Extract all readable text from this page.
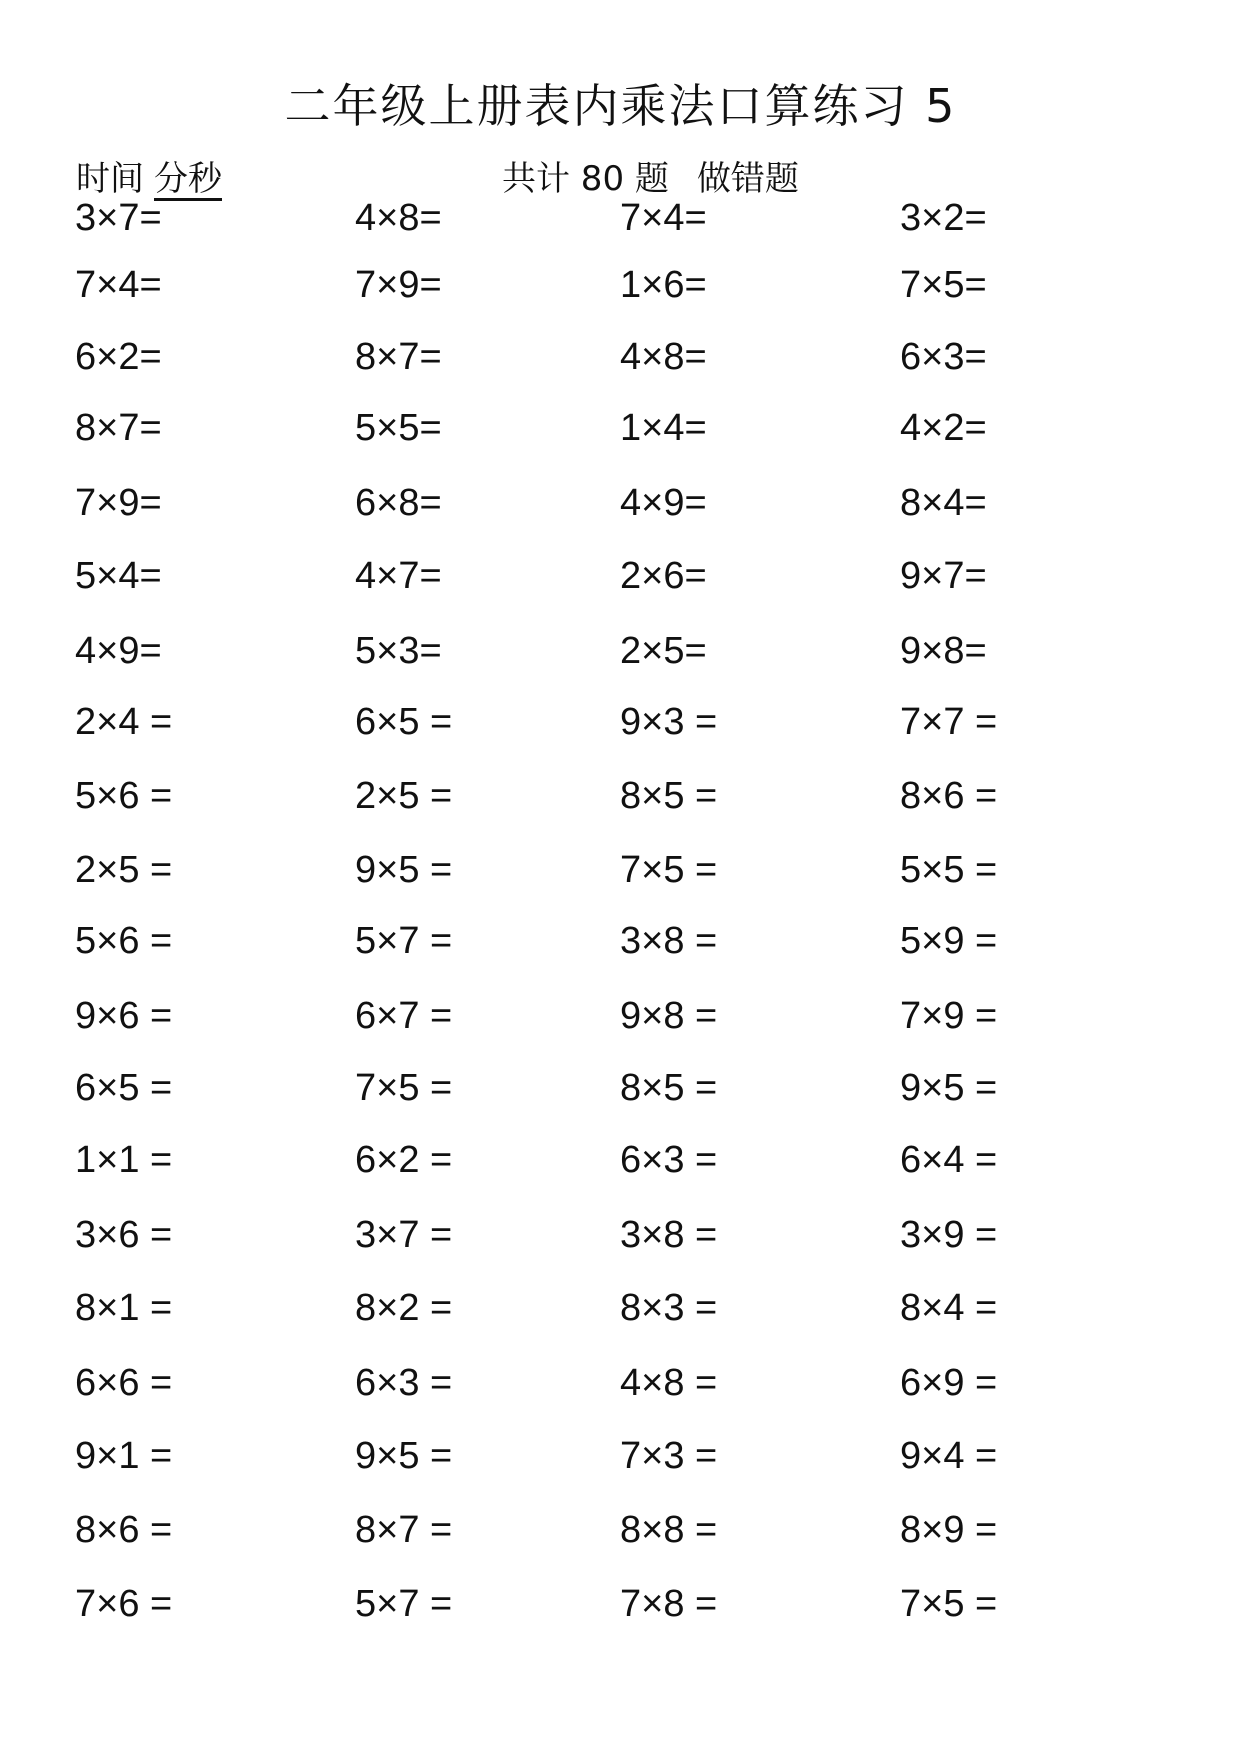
二年级上册表内乘法口算练习 5
时间 分秒	共计 80 题 做错题
3×7=	4×8=	7×4=	3×2=
7×4=	7×9=	1×6=	7×5=
6×2=	8×7=	4×8=	6×3=
8×7=	5×5=	1×4=	4×2=
7×9=	6×8=	4×9=	8×4=
5×4=	4×7=	2×6=	9×7=
4×9=	5×3=	2×5=	9×8=
2×4 =	6×5 =	9×3 =	7×7 =
5×6 =	2×5 =	8×5 =	8×6 =
2×5 =	9×5 =	7×5 =	5×5 =
5×6 =	5×7 =	3×8 =	5×9 =
9×6 =	6×7 =	9×8 =	7×9 =
6×5 =	7×5 =	8×5 =	9×5 =
1×1 =	6×2 =	6×3 =	6×4 =
3×6 =	3×7 =	3×8 =	3×9 =
8×1 =	8×2 =	8×3 =	8×4 =
6×6 =	6×3 =	4×8 =	6×9 =
9×1 =	9×5 =	7×3 =	9×4 =
8×6 =	8×7 =	8×8 =	8×9 =
7×6 =	5×7 =	7×8 =	7×5 =
